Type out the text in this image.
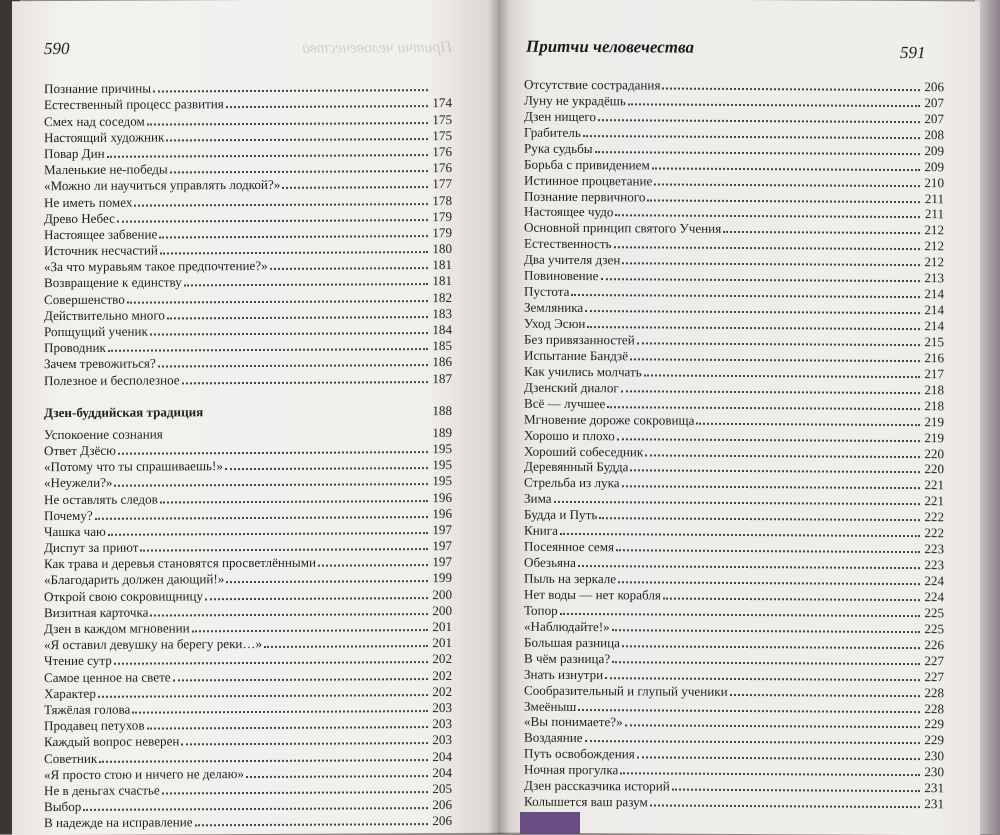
590	Притчи человечества
Познание причины
Естественный процесс развития	174
Смех над соседом	175
Настоящий художник	175
Повар Дин	176
Маленькие не-победы	176
«Можно ли научиться управлять лодкой?»	177
Не иметь помех	178
Древо Небес	179
Настоящее забвение	179
Источник несчастий	180
«За что муравьям такое предпочтение?»	181
Возвращение к единству	181
Совершенство	182
Действительно много	183
Ропщущий ученик	184
Проводник	185
Зачем тревожиться?	186
Полезное и бесполезное	187
Дзен-буддийская традиция	188
Успокоение сознания	189
Ответ Дзёсю	195
«Потому что ты спрашиваешь!»	195
«Неужели?»	195
Не оставлять следов	196
Почему?	196
Чашка чаю	197
Диспут за приют	197
Как трава и деревья становятся просветлёнными	197
«Благодарить должен дающий!»	199
Открой свою сокровищницу	200
Визитная карточка	200
Дзен в каждом мгновении	201
«Я оставил девушку на берегу реки…»	201
Чтение сутр	202
Самое ценное на свете	202
Характер	202
Тяжёлая голова	203
Продавец петухов	203
Каждый вопрос неверен	203
Советник	204
«Я просто стою и ничего не делаю»	204
Не в деньгах счастье	205
Выбор	206
В надежде на исправление	206
Притчи человечества	591
Отсутствие сострадания	206
Луну не украдёшь	207
Дзен нищего	207
Грабитель	208
Рука судьбы	209
Борьба с привидением	209
Истинное процветание	210
Познание первичного	211
Настоящее чудо	211
Основной принцип святого Учения	212
Естественность	212
Два учителя дзен	212
Повиновение	213
Пустота	214
Земляника	214
Уход Эсюн	214
Без привязанностей	215
Испытание Бандзё	216
Как учились молчать	217
Дзенский диалог	218
Всё — лучшее	218
Мгновение дороже сокровища	219
Хорошо и плохо	219
Хороший собеседник	220
Деревянный Будда	220
Стрельба из лука	221
Зима	221
Будда и Путь	222
Книга	222
Посеянное семя	223
Обезьяна	223
Пыль на зеркале	224
Нет воды — нет корабля	224
Топор	225
«Наблюдайте!»	225
Большая разница	226
В чём разница?	227
Знать изнутри	227
Сообразительный и глупый ученики	228
Змеёныш	228
«Вы понимаете?»	229
Воздаяние	229
Путь освобождения	230
Ночная прогулка	230
Дзен рассказчика историй	231
Колышется ваш разум	231
